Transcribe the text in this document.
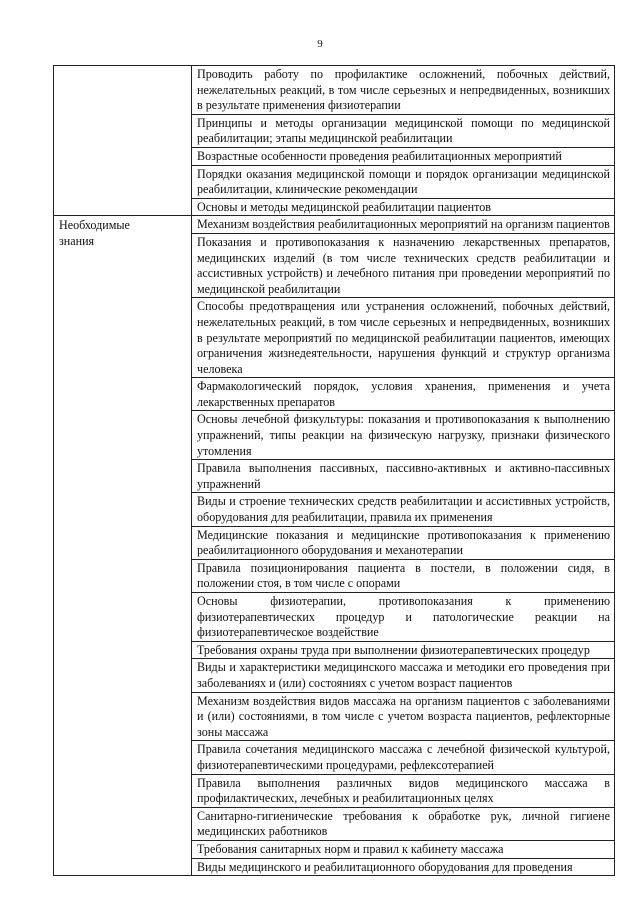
9
	Проводить работу по профилактике осложнений, побочных действий, нежелательных реакций, в том числе серьезных и непредвиденных, возникших в результате применения физиотерапии
	Принципы и методы организации медицинской помощи по медицинской реабилитации; этапы медицинской реабилитации
	Возрастные особенности проведения реабилитационных мероприятий
	Порядки оказания медицинской помощи и порядок организации медицинской реабилитации, клинические рекомендации
	Основы и методы медицинской реабилитации пациентов

Необходимые знания	Механизм воздействия реабилитационных мероприятий на организм пациентов
	Показания и противопоказания к назначению лекарственных препаратов, медицинских изделий (в том числе технических средств реабилитации и ассистивных устройств) и лечебного питания при проведении мероприятий по медицинской реабилитации
	Способы предотвращения или устранения осложнений, побочных действий, нежелательных реакций, в том числе серьезных и непредвиденных, возникших в результате мероприятий по медицинской реабилитации пациентов, имеющих ограничения жизнедеятельности, нарушения функций и структур организма человека
	Фармакологический порядок, условия хранения, применения и учета лекарственных препаратов
	Основы лечебной физкультуры: показания и противопоказания к выполнению упражнений, типы реакции на физическую нагрузку, признаки физического утомления
	Правила выполнения пассивных, пассивно-активных и активно-пассивных упражнений
	Виды и строение технических средств реабилитации и ассистивных устройств, оборудования для реабилитации, правила их применения
	Медицинские показания и медицинские противопоказания к применению реабилитационного оборудования и механотерапии
	Правила позиционирования пациента в постели, в положении сидя, в положении стоя, в том числе с опорами
	Основы физиотерапии, противопоказания к применению физиотерапевтических процедур и патологические реакции на физиотерапевтическое воздействие
	Требования охраны труда при выполнении физиотерапевтических процедур
	Виды и характеристики медицинского массажа и методики его проведения при заболеваниях и (или) состояниях с учетом возраст пациентов
	Механизм воздействия видов массажа на организм пациентов с заболеваниями и (или) состояниями, в том числе с учетом возраста пациентов, рефлекторные зоны массажа
	Правила сочетания медицинского массажа с лечебной физической культурой, физиотерапевтическими процедурами, рефлексотерапией
	Правила выполнения различных видов медицинского массажа в профилактических, лечебных и реабилитационных целях
	Санитарно-гигиенические требования к обработке рук, личной гигиене медицинских работников
	Требования санитарных норм и правил к кабинету массажа
	Виды медицинского и реабилитационного оборудования для проведения
